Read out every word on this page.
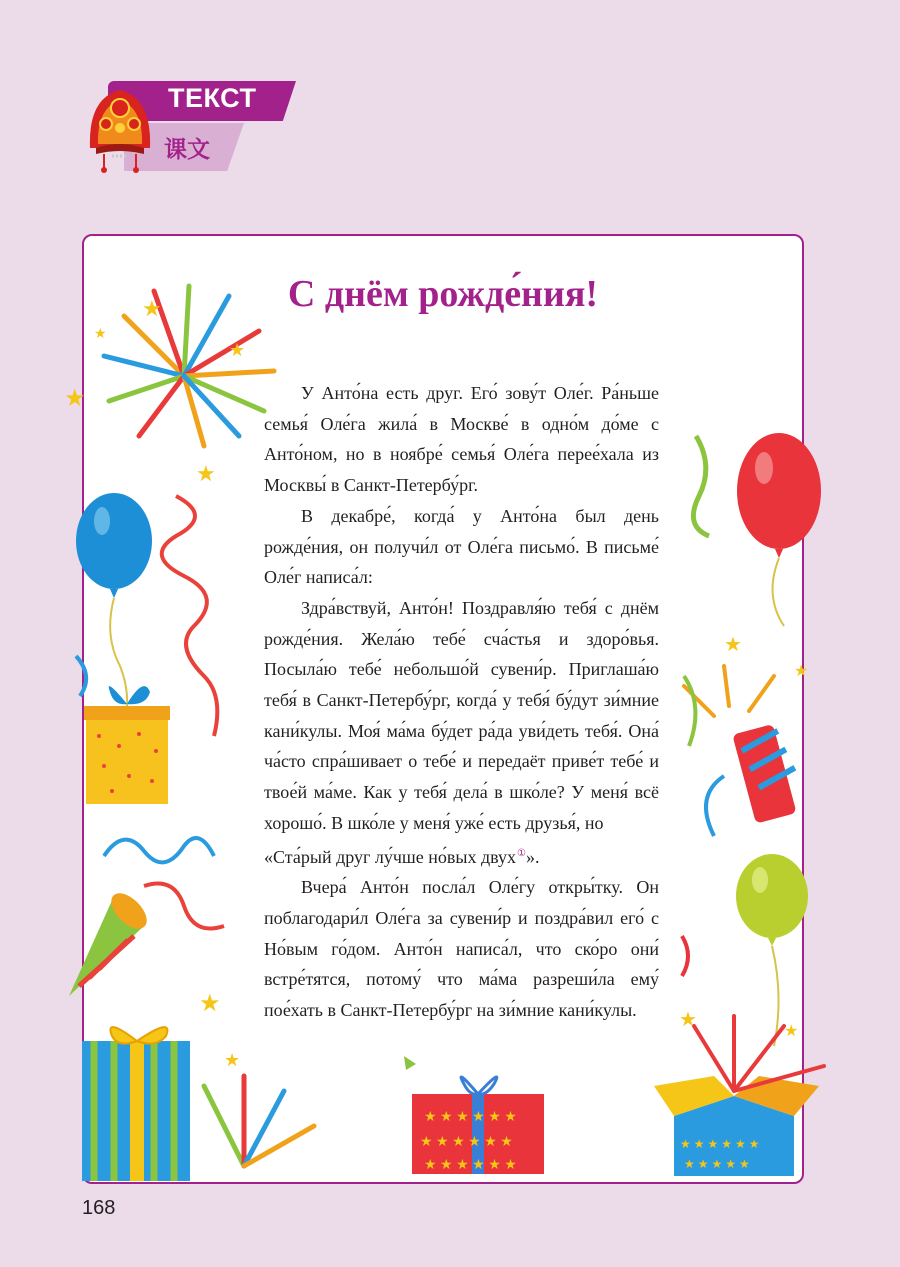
ТЕКСТ
课文
С днём рожде́ния!

У Анто́на есть друг. Его́ зову́т Оле́г. Ра́ньше семья́ Оле́га жила́ в Москве́ в одно́м до́ме с Анто́ном, но в ноябре́ семья́ Оле́га перее́хала из Москвы́ в Санкт-Петербу́рг.

В декабре́, когда́ у Анто́на был день рожде́ния, он получи́л от Оле́га письмо́. В письме́ Оле́г написа́л:

Здра́вствуй, Анто́н! Поздравля́ю тебя́ с днём рожде́ния. Жела́ю тебе́ сча́стья и здоро́вья. Посыла́ю тебе́ небольшо́й сувени́р. Приглаша́ю тебя́ в Санкт-Петербу́рг, когда́ у тебя́ бу́дут зи́мние кани́кулы. Моя́ ма́ма бу́дет ра́да уви́деть тебя́. Она́ ча́сто спра́шивает о тебе́ и передаёт приве́т тебе́ и твое́й ма́ме. Как у тебя́ дела́ в шко́ле? У меня́ всё хорошо́. В шко́ле у меня́ уже́ есть друзья́, но

«Ста́рый друг лу́чше но́вых двух①».

Вчера́ Анто́н посла́л Оле́гу откры́тку. Он поблагодари́л Оле́га за сувени́р и поздра́вил его́ с Но́вым го́дом. Анто́н написа́л, что ско́ро они́ встре́тятся, потому́ что ма́ма разреши́ла ему́ пое́хать в Санкт-Петербу́рг на зи́мние кани́кулы.

★
★
★
★
★
★
★
★ ★ ★ ★ ★ ★
★ ★ ★ ★ ★ ★
★ ★ ★ ★ ★ ★
★
★
★ ★ ★ ★ ★ ★
★ ★ ★ ★ ★
★
★
168
